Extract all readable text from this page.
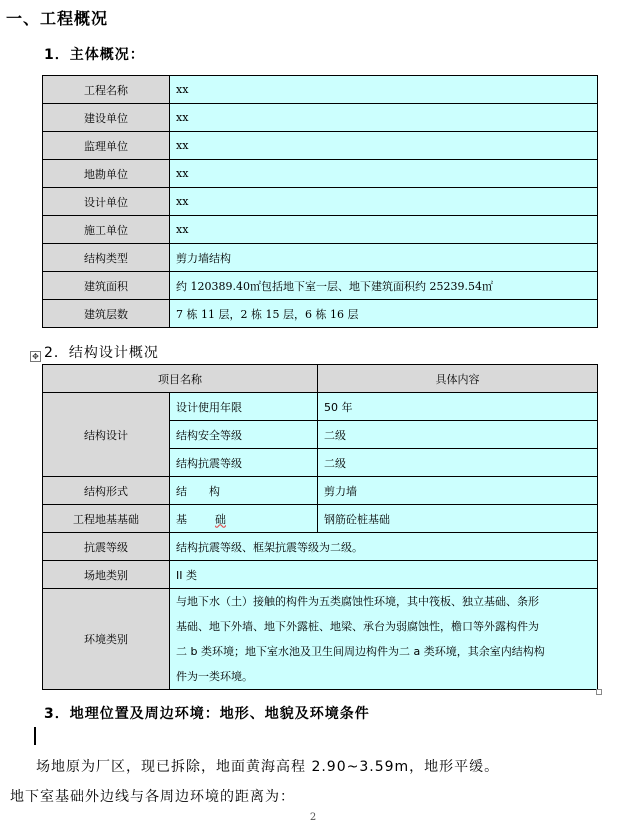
一、工程概况
1．主体概况：
工程名称	xx
建设单位	xx
监理单位	xx
地勘单位	xx
设计单位	xx
施工单位	xx
结构类型	剪力墙结构
建筑面积	约 120389.40㎡包括地下室一层、地下建筑面积约 25239.54㎡
建筑层数	7 栋 11 层，2 栋 15 层，6 栋 16 层
✥ 2．结构设计概况
项目名称		具体内容
结构设计	设计使用年限	50 年
	结构安全等级	二级
	结构抗震等级	二级
结构形式	结　　构	剪力墙
工程地基基础	基 础	钢筋砼桩基础
抗震等级	结构抗震等级、框架抗震等级为二级。	
场地类别	II 类	
环境类别	与地下水（土）接触的构件为五类腐蚀性环境，其中筏板、独立基础、条形
基础、地下外墙、地下外露桩、地梁、承台为弱腐蚀性，檐口等外露构件为
二 b 类环境；地下室水池及卫生间周边构件为二 a 类环境，其余室内结构构
件为一类环境。	
3．地理位置及周边环境：地形、地貌及环境条件
场地原为厂区，现已拆除，地面黄海高程 2.90~3.59m，地形平缓。
地下室基础外边线与各周边环境的距离为：
2
